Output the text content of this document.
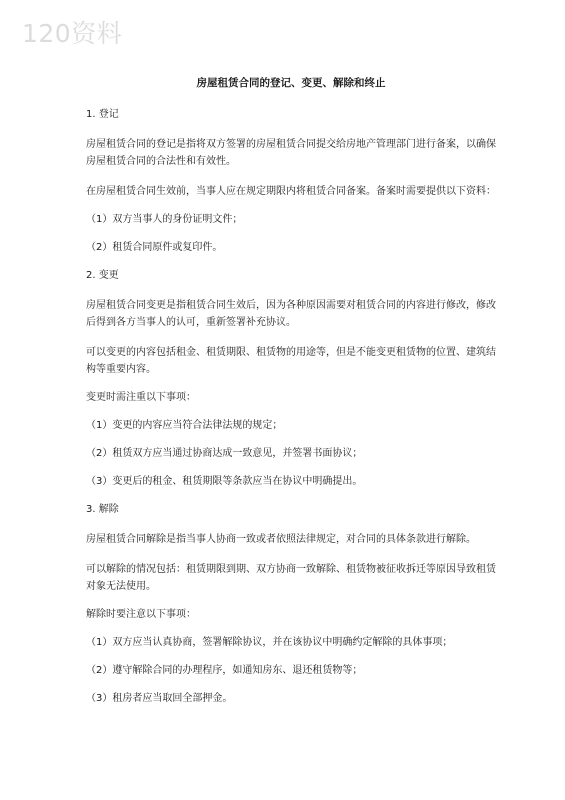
120资料
房屋租赁合同的登记、变更、解除和终止
1. 登记
房屋租赁合同的登记是指将双方签署的房屋租赁合同提交给房地产管理部门进行备案，以确保房屋租赁合同的合法性和有效性。
在房屋租赁合同生效前，当事人应在规定期限内将租赁合同备案。备案时需要提供以下资料：
（1）双方当事人的身份证明文件；
（2）租赁合同原件或复印件。
2. 变更
房屋租赁合同变更是指租赁合同生效后，因为各种原因需要对租赁合同的内容进行修改，修改后得到各方当事人的认可，重新签署补充协议。
可以变更的内容包括租金、租赁期限、租赁物的用途等，但是不能变更租赁物的位置、建筑结构等重要内容。
变更时需注重以下事项：
（1）变更的内容应当符合法律法规的规定；
（2）租赁双方应当通过协商达成一致意见，并签署书面协议；
（3）变更后的租金、租赁期限等条款应当在协议中明确提出。
3. 解除
房屋租赁合同解除是指当事人协商一致或者依照法律规定，对合同的具体条款进行解除。
可以解除的情况包括：租赁期限到期、双方协商一致解除、租赁物被征收拆迁等原因导致租赁对象无法使用。
解除时要注意以下事项：
（1）双方应当认真协商，签署解除协议，并在该协议中明确约定解除的具体事项；
（2）遵守解除合同的办理程序，如通知房东、退还租赁物等；
（3）租房者应当取回全部押金。
